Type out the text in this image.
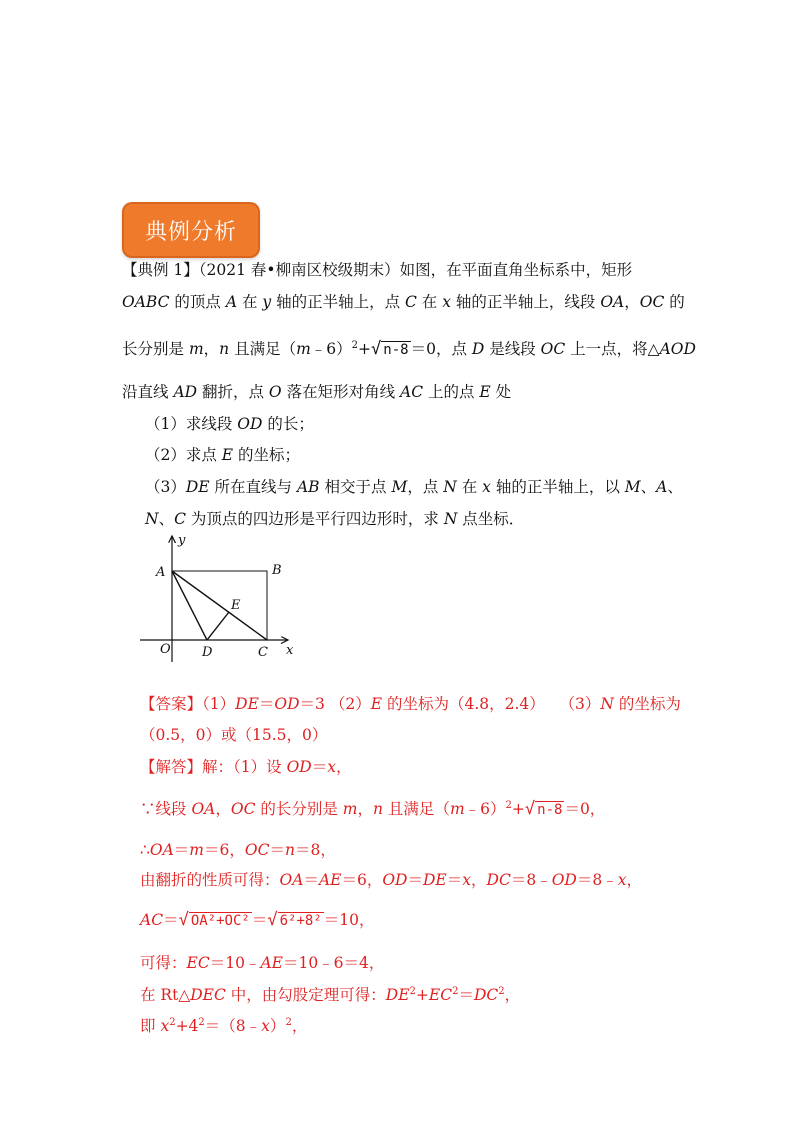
典例分析
【典例 1】（2021 春•柳南区校级期末）如图，在平面直角坐标系中，矩形
OABC 的顶点 A 在 y 轴的正半轴上，点 C 在 x 轴的正半轴上，线段 OA，OC 的
长分别是 m，n 且满足（m﹣6）$^2$+ √ n-8 ＝0，点 D 是线段 OC 上一点，将△AOD
沿直线 AD 翻折，点 O 落在矩形对角线 AC 上的点 E 处
（1）求线段 OD 的长；
（2）求点 E 的坐标；
（3）DE 所在直线与 AB 相交于点 M，点 N 在 x 轴的正半轴上，以 M、A、
N、C 为顶点的四边形是平行四边形时，求 N 点坐标．
y
x
O
A	B
C
D
E
【答案】（1）DE＝OD＝3 （2）E 的坐标为（4.8，2.4）   （3）N 的坐标为
（0.5，0）或（15.5，0）
【解答】解：（1）设 OD＝x，
∵线段 OA，OC 的长分别是 m，n 且满足（m﹣6）$^2$+ √ n-8 ＝0，
∴OA＝m＝6，OC＝n＝8，
由翻折的性质可得：OA＝AE＝6，OD＝DE＝x，DC＝8﹣OD＝8﹣x，
AC＝ √ OA²+OC² ＝ √ 6²+8² ＝10，
可得：EC＝10﹣AE＝10﹣6＝4，
在 Rt△DEC 中，由勾股定理可得：$DE^2+EC^2=DC^2$，
即 $x^2+4^2=(8﹣x)^2$，
